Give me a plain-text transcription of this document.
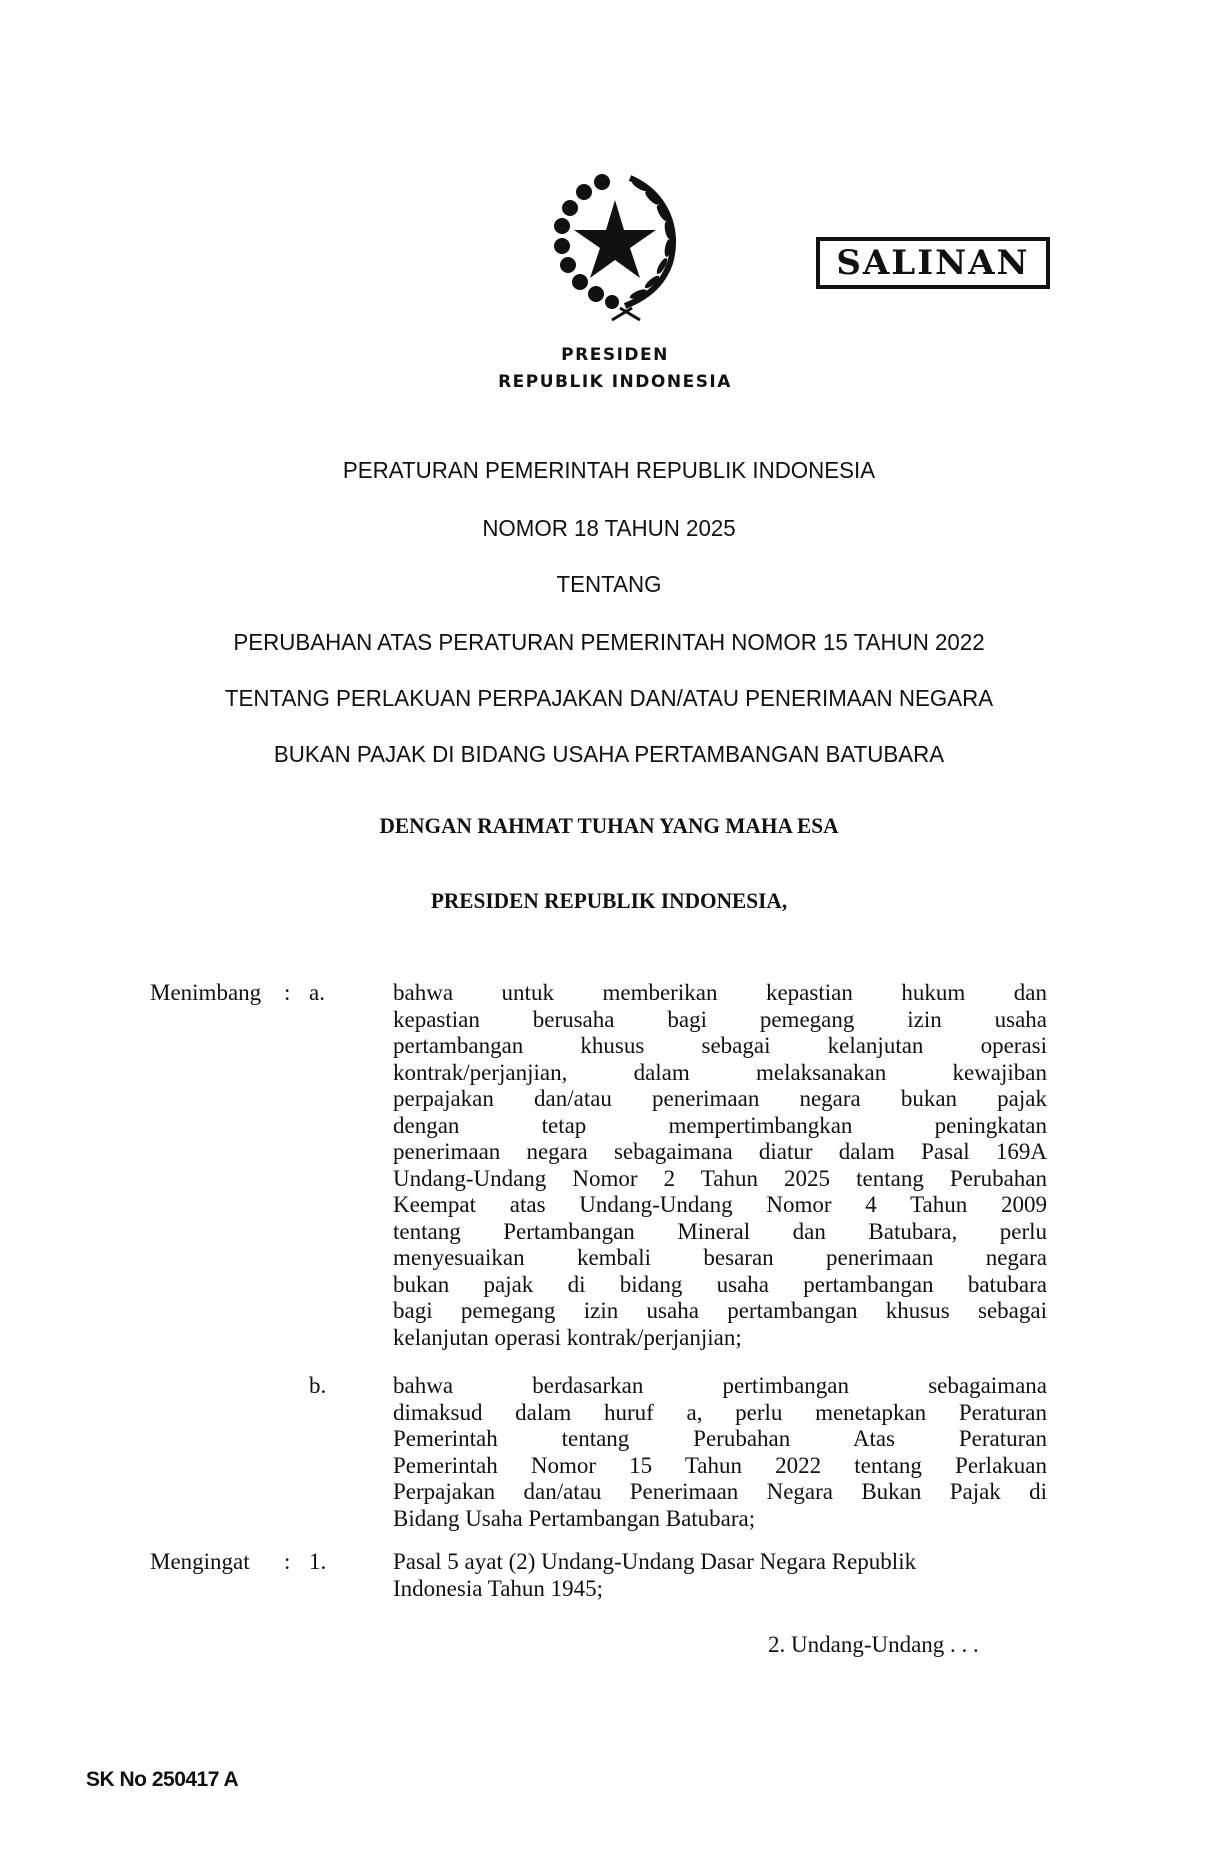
PRESIDEN
REPUBLIK INDONESIA
SALINAN
PERATURAN PEMERINTAH REPUBLIK INDONESIA
NOMOR 18 TAHUN 2025
TENTANG
PERUBAHAN ATAS PERATURAN PEMERINTAH NOMOR 15 TAHUN 2022
TENTANG PERLAKUAN PERPAJAKAN DAN/ATAU PENERIMAAN NEGARA
BUKAN PAJAK DI BIDANG USAHA PERTAMBANGAN BATUBARA
DENGAN RAHMAT TUHAN YANG MAHA ESA
PRESIDEN REPUBLIK INDONESIA,
Menimbang : a.	bahwa untuk memberikan kepastian hukum dan
kepastian berusaha bagi pemegang izin usaha
pertambangan khusus sebagai kelanjutan operasi
kontrak/perjanjian, dalam melaksanakan kewajiban
perpajakan dan/atau penerimaan negara bukan pajak
dengan tetap mempertimbangkan peningkatan
penerimaan negara sebagaimana diatur dalam Pasal 169A
Undang-Undang Nomor 2 Tahun 2025 tentang Perubahan
Keempat atas Undang-Undang Nomor 4 Tahun 2009
tentang Pertambangan Mineral dan Batubara, perlu
menyesuaikan kembali besaran penerimaan negara
bukan pajak di bidang usaha pertambangan batubara
bagi pemegang izin usaha pertambangan khusus sebagai
kelanjutan operasi kontrak/perjanjian;
b.	bahwa berdasarkan pertimbangan sebagaimana
dimaksud dalam huruf a, perlu menetapkan Peraturan
Pemerintah tentang Perubahan Atas Peraturan
Pemerintah Nomor 15 Tahun 2022 tentang Perlakuan
Perpajakan dan/atau Penerimaan Negara Bukan Pajak di
Bidang Usaha Pertambangan Batubara;
Mengingat : 1.	Pasal 5 ayat (2) Undang-Undang Dasar Negara Republik
Indonesia Tahun 1945;
2. Undang-Undang . . .
SK No 250417 A
